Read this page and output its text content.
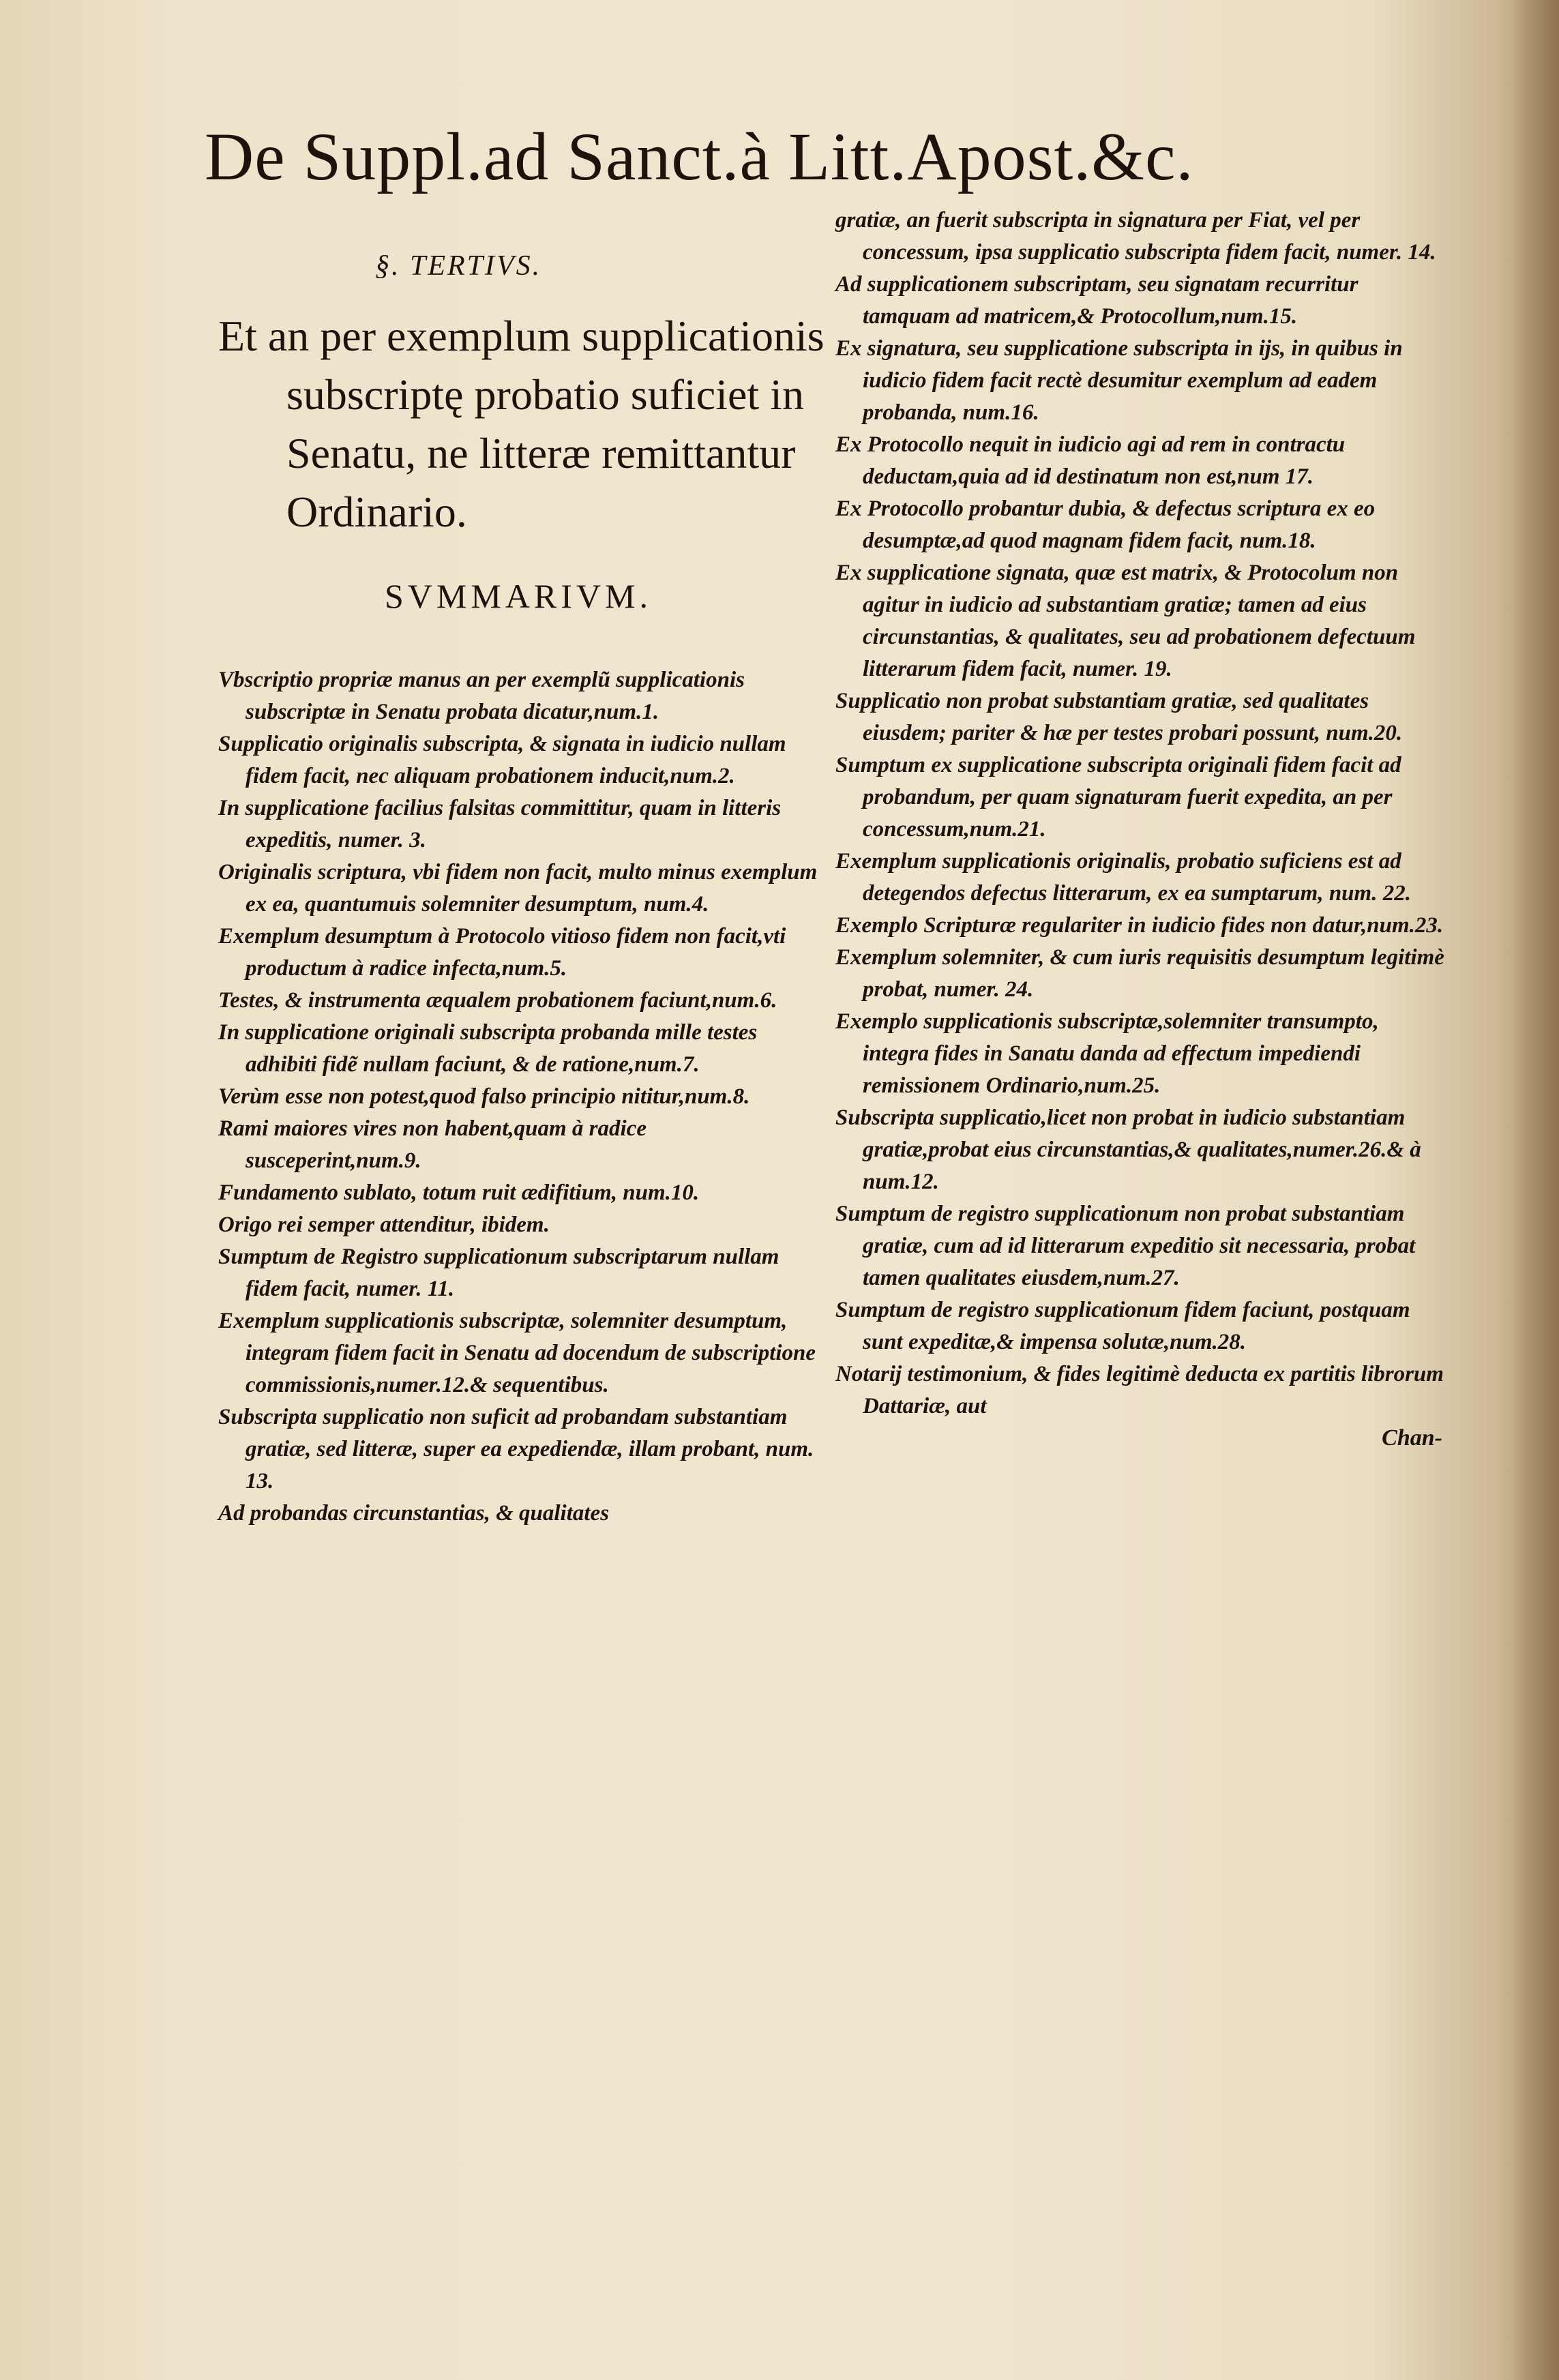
De Suppl.ad Sanct.à Litt.Apost.&c.
§. TERTIVS.
Et an per exemplum supplicationis subscriptę probatio suficiet in Senatu, ne litteræ remittantur Ordinario.
SVMMARIVM.

Vbscriptio propriæ manus an per exemplũ supplicationis subscriptæ in Senatu probata dicatur,num.1.

Supplicatio originalis subscripta, & signata in iudicio nullam fidem facit, nec aliquam probationem inducit,num.2.

In supplicatione facilius falsitas committitur, quam in litteris expeditis, numer. 3.

Originalis scriptura, vbi fidem non facit, multo minus exemplum ex ea, quantumuis solemniter desumptum, num.4.

Exemplum desumptum à Protocolo vitioso fidem non facit,vti productum à radice infecta,num.5.

Testes, & instrumenta æqualem probationem faciunt,num.6.

In supplicatione originali subscripta probanda mille testes adhibiti fidẽ nullam faciunt, & de ratione,num.7.

Verùm esse non potest,quod falso principio nititur,num.8.

Rami maiores vires non habent,quam à radice susceperint,num.9.

Fundamento sublato, totum ruit ædifitium, num.10.

Origo rei semper attenditur, ibidem.

Sumptum de Registro supplicationum subscriptarum nullam fidem facit, numer. 11.

Exemplum supplicationis subscriptæ, solemniter desumptum, integram fidem facit in Senatu ad docendum de subscriptione commissionis,numer.12.& sequentibus.

Subscripta supplicatio non suficit ad probandam substantiam gratiæ, sed litteræ, super ea expediendæ, illam probant, num. 13.

Ad probandas circunstantias, & qualitates

gratiæ, an fuerit subscripta in signatura per Fiat, vel per concessum, ipsa supplicatio subscripta fidem facit, numer. 14.

Ad supplicationem subscriptam, seu signatam recurritur tamquam ad matricem,& Protocollum,num.15.

Ex signatura, seu supplicatione subscripta in ijs, in quibus in iudicio fidem facit rectè desumitur exemplum ad eadem probanda, num.16.

Ex Protocollo nequit in iudicio agi ad rem in contractu deductam,quia ad id destinatum non est,num 17.

Ex Protocollo probantur dubia, & defectus scriptura ex eo desumptæ,ad quod magnam fidem facit, num.18.

Ex supplicatione signata, quæ est matrix, & Protocolum non agitur in iudicio ad substantiam gratiæ; tamen ad eius circunstantias, & qualitates, seu ad probationem defectuum litterarum fidem facit, numer. 19.

Supplicatio non probat substantiam gratiæ, sed qualitates eiusdem; pariter & hæ per testes probari possunt, num.20.

Sumptum ex supplicatione subscripta originali fidem facit ad probandum, per quam signaturam fuerit expedita, an per concessum,num.21.

Exemplum supplicationis originalis, probatio suficiens est ad detegendos defectus litterarum, ex ea sumptarum, num. 22.

Exemplo Scripturæ regulariter in iudicio fides non datur,num.23.

Exemplum solemniter, & cum iuris requisitis desumptum legitimè probat, numer. 24.

Exemplo supplicationis subscriptæ,solemniter transumpto, integra fides in Sanatu danda ad effectum impediendi remissionem Ordinario,num.25.

Subscripta supplicatio,licet non probat in iudicio substantiam gratiæ,probat eius circunstantias,& qualitates,numer.26.& à num.12.

Sumptum de registro supplicationum non probat substantiam gratiæ, cum ad id litterarum expeditio sit necessaria, probat tamen qualitates eiusdem,num.27.

Sumptum de registro supplicationum fidem faciunt, postquam sunt expeditæ,& impensa solutæ,num.28.

Notarij testimonium, & fides legitimè deducta ex partitis librorum Dattariæ, aut

Chan-
